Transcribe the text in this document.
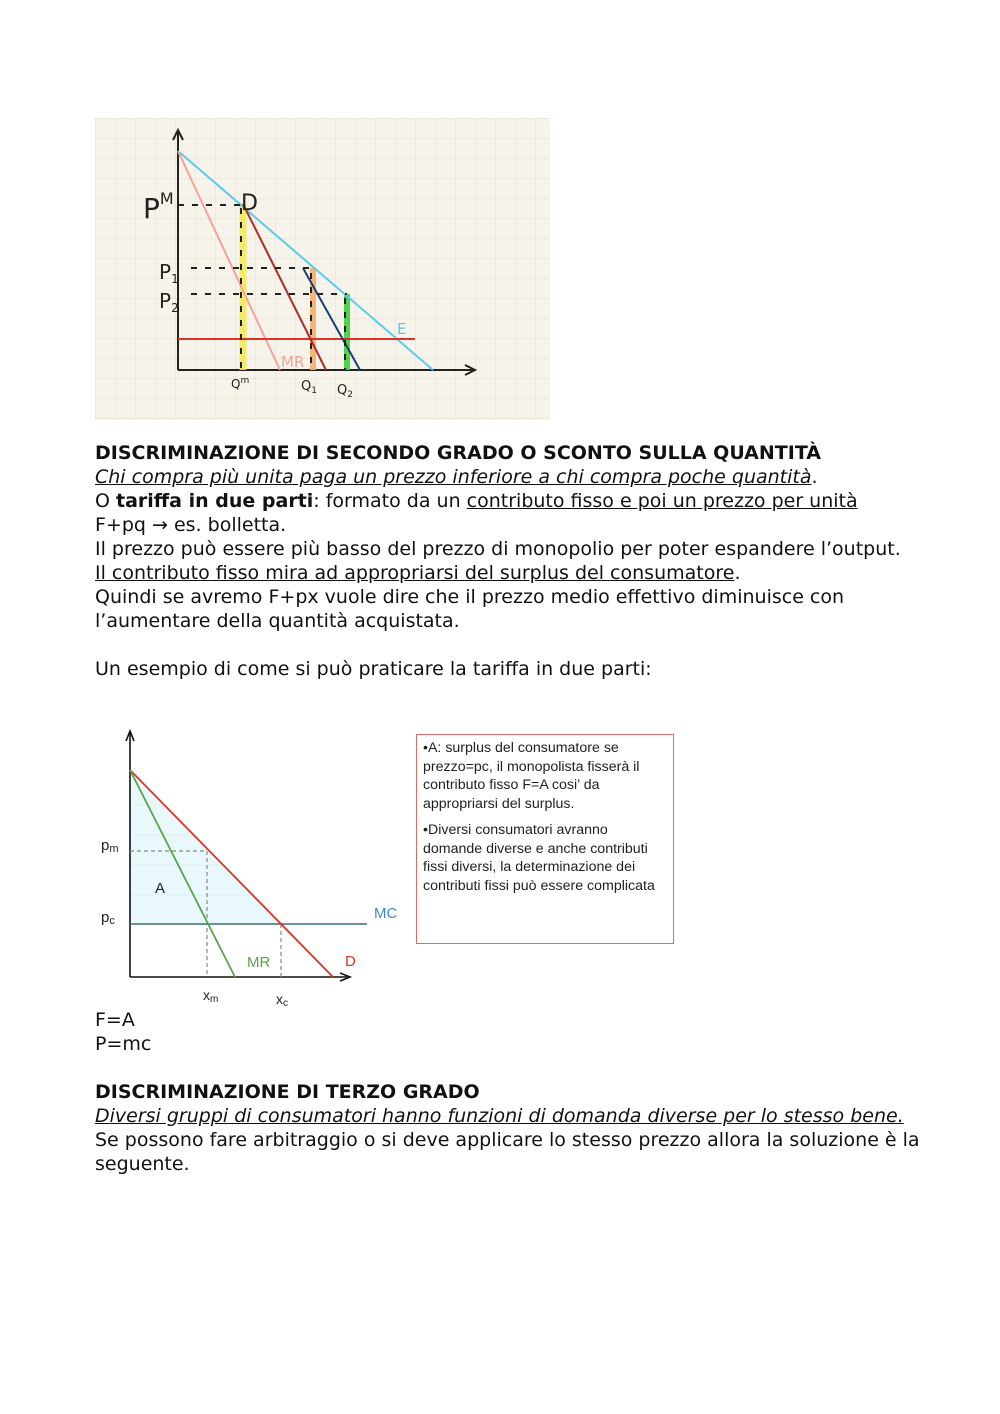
$P^M$	D
$P_1$
$P_2$
E
MR
$Q^m$	$Q_1$ $Q_2$

DISCRIMINAZIONE DI SECONDO GRADO O SCONTO SULLA QUANTITÀ

Chi compra più unita paga un prezzo inferiore a chi compra poche quantità.

O tariffa in due parti: formato da un contributo fisso e poi un prezzo per unità

F+pq → es. bolletta.

Il prezzo può essere più basso del prezzo di monopolio per poter espandere l’output.

Il contributo fisso mira ad appropriarsi del surplus del consumatore.

Quindi se avremo F+px vuole dire che il prezzo medio effettivo diminuisce con l’aumentare della quantità acquistata.

Un esempio di come si può praticare la tariffa in due parti:

pm
pc
A
MC
MR	D
xm	xc

•A: surplus del consumatore se prezzo=pc, il monopolista fisserà il contributo fisso F=A cosi’ da appropriarsi del surplus.

•Diversi consumatori avranno domande diverse e anche contributi fissi diversi, la determinazione dei contributi fissi può essere complicata

F=A

P=mc

DISCRIMINAZIONE DI TERZO GRADO

Diversi gruppi di consumatori hanno funzioni di domanda diverse per lo stesso bene. Se possono fare arbitraggio o si deve applicare lo stesso prezzo allora la soluzione è la seguente.
